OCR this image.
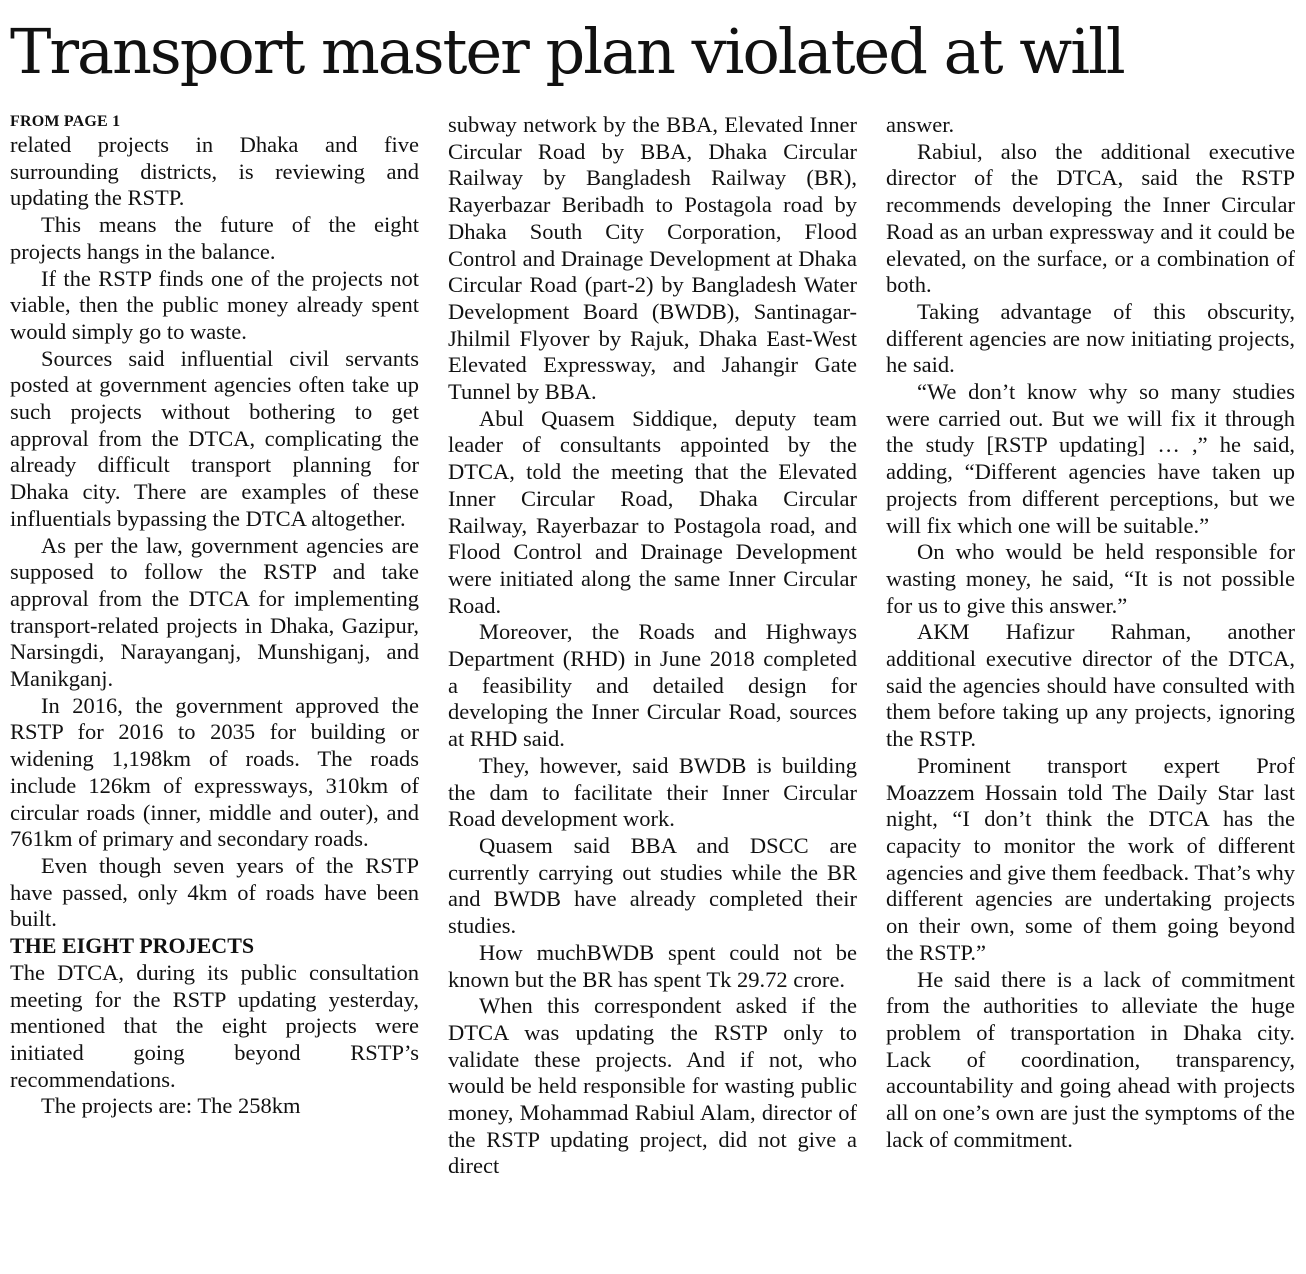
Transport master plan violated at will
FROM PAGE 1

related projects in Dhaka and five surrounding districts, is reviewing and updating the RSTP.

This means the future of the eight projects hangs in the balance.

If the RSTP finds one of the projects not viable, then the public money already spent would simply go to waste.

Sources said influential civil servants posted at government agencies often take up such projects without bothering to get approval from the DTCA, complicating the already difficult transport planning for Dhaka city. There are examples of these influentials bypassing the DTCA altogether.

As per the law, government agencies are supposed to follow the RSTP and take approval from the DTCA for implementing transport-related projects in Dhaka, Gazipur, Narsingdi, Narayanganj, Munshiganj, and Manikganj.

In 2016, the government approved the RSTP for 2016 to 2035 for building or widening 1,198km of roads. The roads include 126km of expressways, 310km of circular roads (inner, middle and outer), and 761km of primary and secondary roads.

Even though seven years of the RSTP have passed, only 4km of roads have been built.

THE EIGHT PROJECTS

The DTCA, during its public consultation meeting for the RSTP updating yesterday, mentioned that the eight projects were initiated going beyond RSTP’s recommendations.

The projects are: The 258km

subway network by the BBA, Elevated Inner Circular Road by BBA, Dhaka Circular Railway by Bangladesh Railway (BR), Rayerbazar Beribadh to Postagola road by Dhaka South City Corporation, Flood Control and Drainage Development at Dhaka Circular Road (part-2) by Bangladesh Water Development Board (BWDB), Santinagar-Jhilmil Flyover by Rajuk, Dhaka East-West Elevated Expressway, and Jahangir Gate Tunnel by BBA.

Abul Quasem Siddique, deputy team leader of consultants appointed by the DTCA, told the meeting that the Elevated Inner Circular Road, Dhaka Circular Railway, Rayerbazar to Postagola road, and Flood Control and Drainage Development were initiated along the same Inner Circular Road.

Moreover, the Roads and Highways Department (RHD) in June 2018 completed a feasibility and detailed design for developing the Inner Circular Road, sources at RHD said.

They, however, said BWDB is building the dam to facilitate their Inner Circular Road development work.

Quasem said BBA and DSCC are currently carrying out studies while the BR and BWDB have already completed their studies.

How muchBWDB spent could not be known but the BR has spent Tk 29.72 crore.

When this correspondent asked if the DTCA was updating the RSTP only to validate these projects. And if not, who would be held responsible for wasting public money, Mohammad Rabiul Alam, director of the RSTP updating project, did not give a direct

answer.

Rabiul, also the additional executive director of the DTCA, said the RSTP recommends developing the Inner Circular Road as an urban expressway and it could be elevated, on the surface, or a combination of both.

Taking advantage of this obscurity, different agencies are now initiating projects, he said.

“We don’t know why so many studies were carried out. But we will fix it through the study [RSTP updating] … ,” he said, adding, “Different agencies have taken up projects from different perceptions, but we will fix which one will be suitable.”

On who would be held responsible for wasting money, he said, “It is not possible for us to give this answer.”

AKM Hafizur Rahman, another additional executive director of the DTCA, said the agencies should have consulted with them before taking up any projects, ignoring the RSTP.

Prominent transport expert Prof Moazzem Hossain told The Daily Star last night, “I don’t think the DTCA has the capacity to monitor the work of different agencies and give them feedback. That’s why different agencies are undertaking projects on their own, some of them going beyond the RSTP.”

He said there is a lack of commitment from the authorities to alleviate the huge problem of transportation in Dhaka city. Lack of coordination, transparency, accountability and going ahead with projects all on one’s own are just the symptoms of the lack of commitment.
